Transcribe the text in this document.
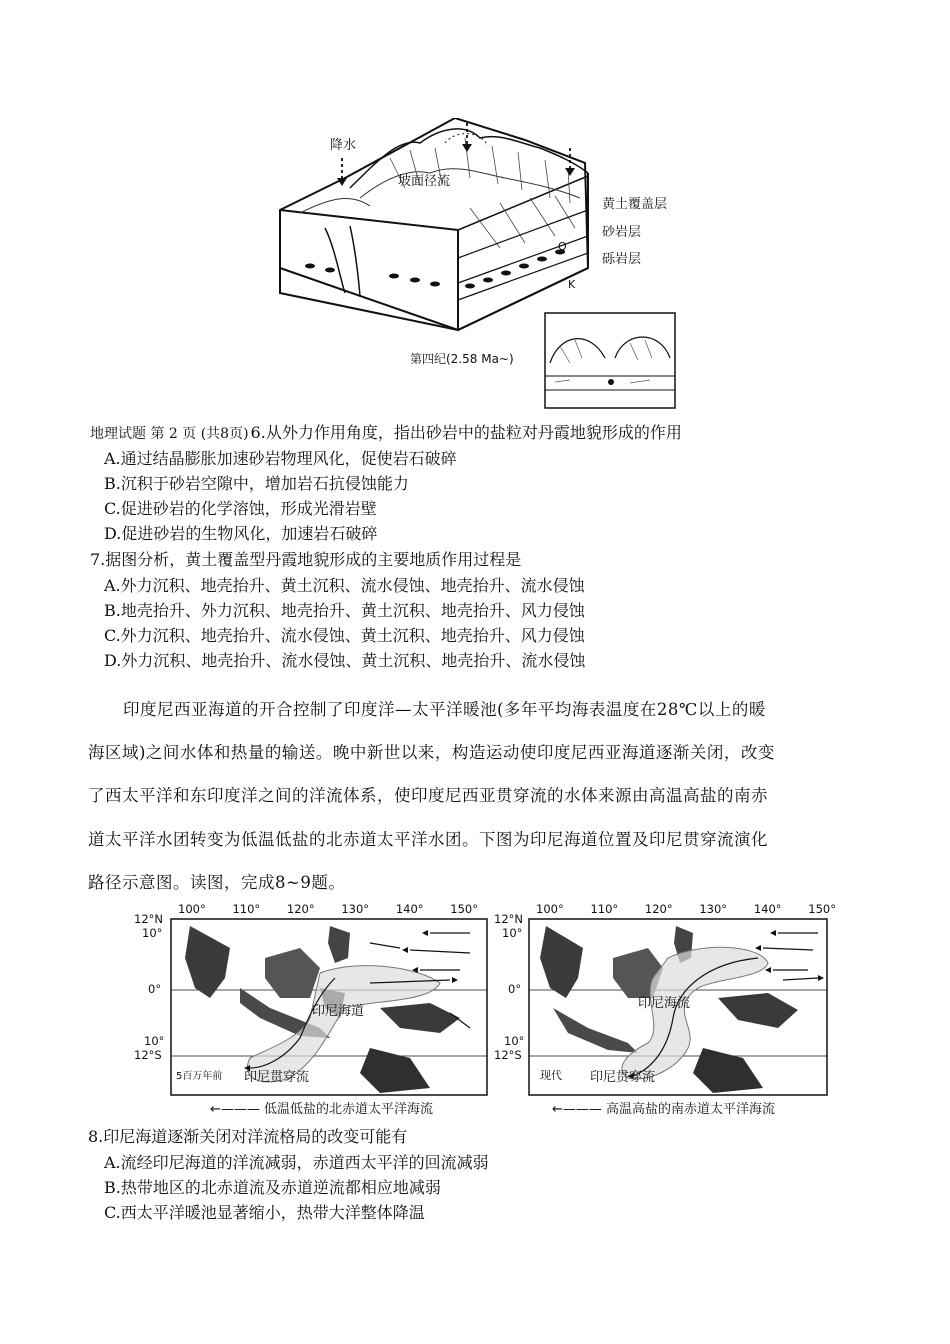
降水
坡面径流
黄土覆盖层
砂岩层
砾岩层
Q
K
第四纪(2.58 Ma~)
地理试题 第 2 页 (共8页) 6.从外力作用角度，指出砂岩中的盐粒对丹霞地貌形成的作用
A.通过结晶膨胀加速砂岩物理风化，促使岩石破碎
B.沉积于砂岩空隙中，增加岩石抗侵蚀能力
C.促进砂岩的化学溶蚀，形成光滑岩壁
D.促进砂岩的生物风化，加速岩石破碎
7.据图分析，黄土覆盖型丹霞地貌形成的主要地质作用过程是
A.外力沉积、地壳抬升、黄土沉积、流水侵蚀、地壳抬升、流水侵蚀
B.地壳抬升、外力沉积、地壳抬升、黄土沉积、地壳抬升、风力侵蚀
C.外力沉积、地壳抬升、流水侵蚀、黄土沉积、地壳抬升、风力侵蚀
D.外力沉积、地壳抬升、流水侵蚀、黄土沉积、地壳抬升、流水侵蚀
印度尼西亚海道的开合控制了印度洋—太平洋暖池(多年平均海表温度在28℃以上的暖
海区域)之间水体和热量的输送。晚中新世以来，构造运动使印度尼西亚海道逐渐关闭，改变
了西太平洋和东印度洋之间的洋流体系，使印度尼西亚贯穿流的水体来源由高温高盐的南赤
道太平洋水团转变为低温低盐的北赤道太平洋水团。下图为印尼海道位置及印尼贯穿流演化
路径示意图。读图，完成8~9题。
100° 110° 120° 130° 140° 150°
12°N
10°
0°
10°
12°S
印尼海道
印尼贯穿流
5百万年前
←——— 低温低盐的北赤道太平洋海流
100° 110° 120° 130° 140° 150°
12°N
10°
0°
10°
12°S
印尼海流
印尼贯穿流
现代
←——— 高温高盐的南赤道太平洋海流
8.印尼海道逐渐关闭对洋流格局的改变可能有
A.流经印尼海道的洋流减弱，赤道西太平洋的回流减弱
B.热带地区的北赤道流及赤道逆流都相应地减弱
C.西太平洋暖池显著缩小，热带大洋整体降温
